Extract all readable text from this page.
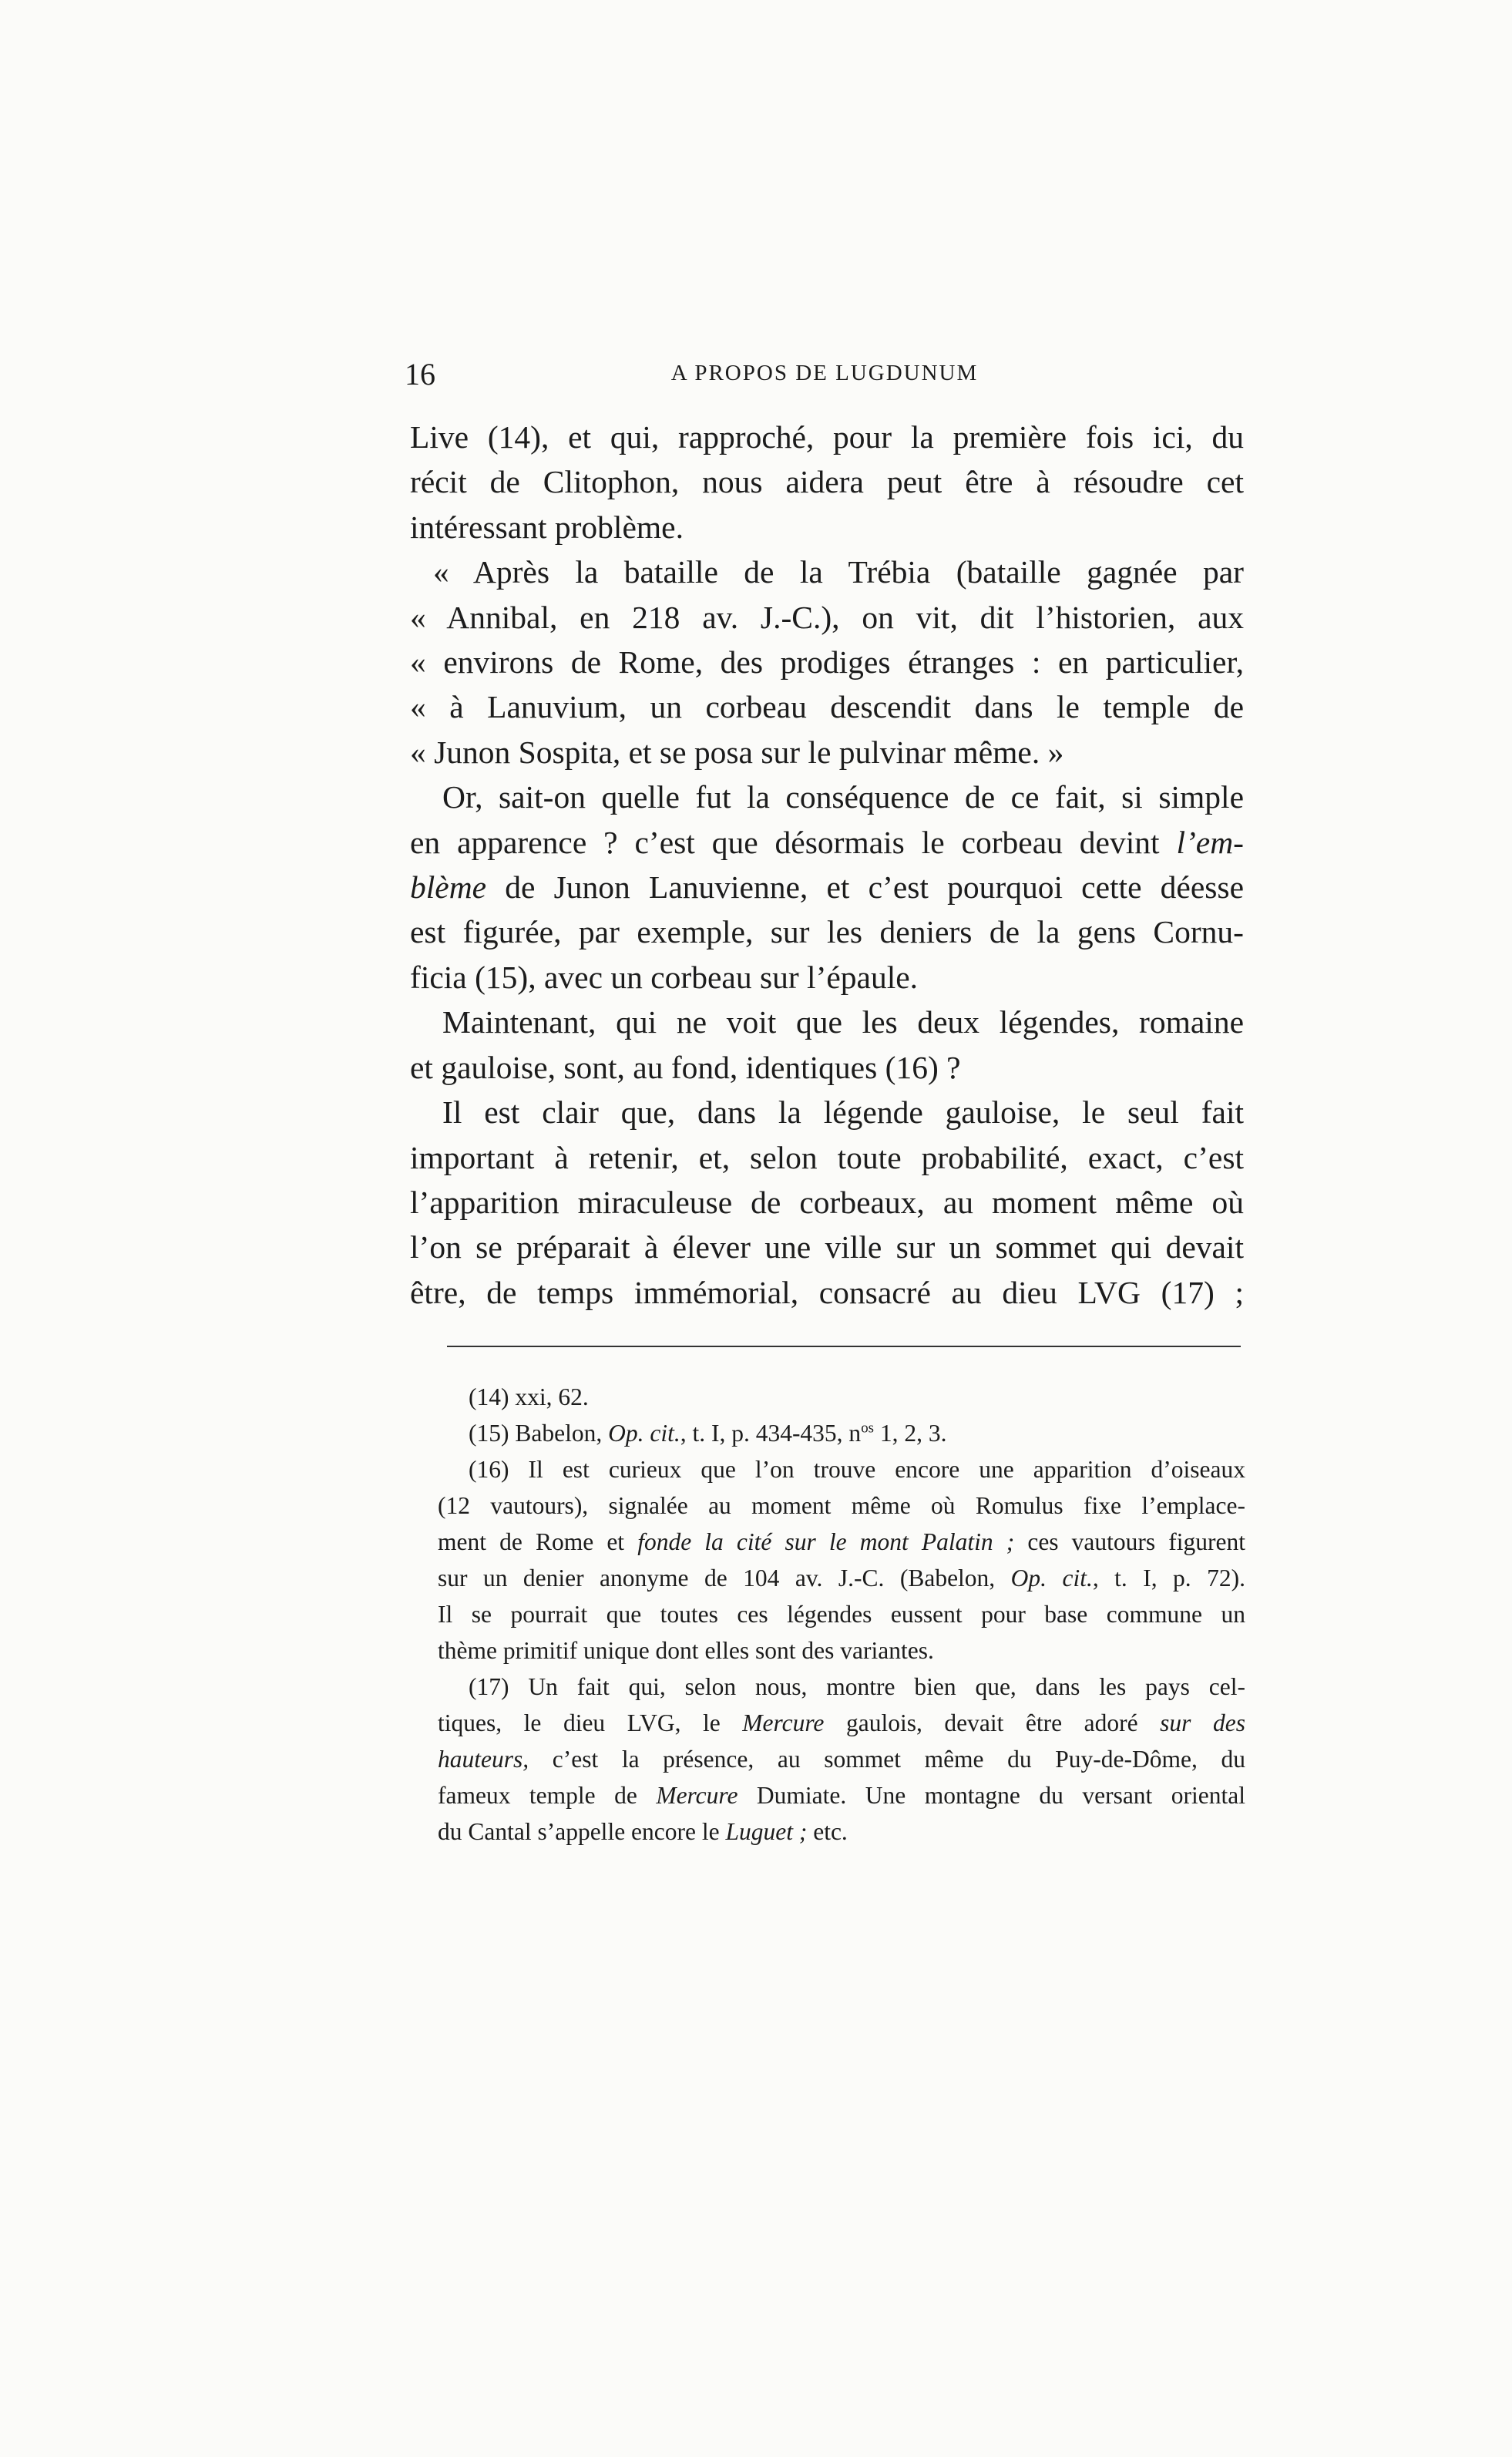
16	A PROPOS DE LUGDUNUM

Live (14), et qui, rapproché, pour la première fois ici, du

récit de Clitophon, nous aidera peut être à résoudre cet

intéressant problème.

« Après la bataille de la Trébia (bataille gagnée par

« Annibal, en 218 av. J.-C.), on vit, dit l’historien, aux

« environs de Rome, des prodiges étranges : en particulier,

« à Lanuvium, un corbeau descendit dans le temple de

« Junon Sospita, et se posa sur le pulvinar même. »

Or, sait-on quelle fut la conséquence de ce fait, si simple

en apparence ? c’est que désormais le corbeau devint l’em-

blème de Junon Lanuvienne, et c’est pourquoi cette déesse

est figurée, par exemple, sur les deniers de la gens Cornu-

ficia (15), avec un corbeau sur l’épaule.

Maintenant, qui ne voit que les deux légendes, romaine

et gauloise, sont, au fond, identiques (16) ?

Il est clair que, dans la légende gauloise, le seul fait

important à retenir, et, selon toute probabilité, exact, c’est

l’apparition miraculeuse de corbeaux, au moment même où

l’on se préparait à élever une ville sur un sommet qui devait

être, de temps immémorial, consacré au dieu LVG (17) ;

(14) xxi, 62.

(15) Babelon, Op. cit., t. I, p. 434-435, $n^{os}$ 1, 2, 3.

(16) Il est curieux que l’on trouve encore une apparition d’oiseaux

(12 vautours), signalée au moment même où Romulus fixe l’emplace-

ment de Rome et fonde la cité sur le mont Palatin ; ces vautours figurent

sur un denier anonyme de 104 av. J.-C. (Babelon, Op. cit., t. I, p. 72).

Il se pourrait que toutes ces légendes eussent pour base commune un

thème primitif unique dont elles sont des variantes.

(17) Un fait qui, selon nous, montre bien que, dans les pays cel-

tiques, le dieu LVG, le Mercure gaulois, devait être adoré sur des

hauteurs, c’est la présence, au sommet même du Puy-de-Dôme, du

fameux temple de Mercure Dumiate. Une montagne du versant oriental

du Cantal s’appelle encore le Luguet ; etc.
